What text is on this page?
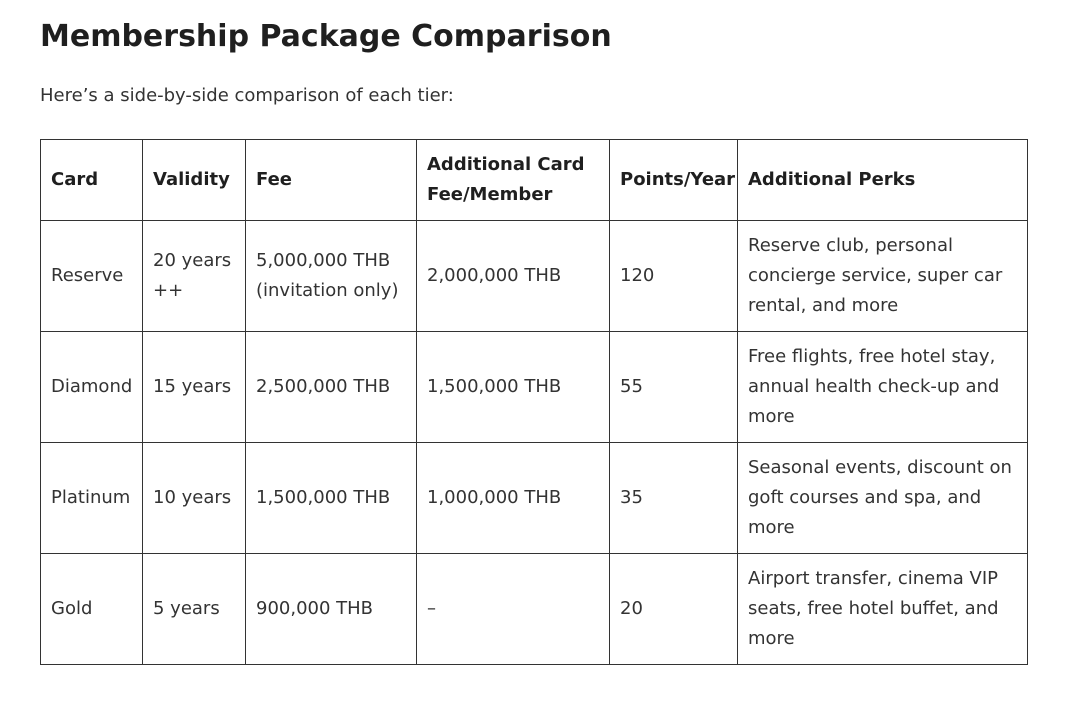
Membership Package Comparison

Here’s a side-by-side comparison of each tier:

Card	Validity	Fee	Additional Card Fee/Member	Points/Year	Additional Perks
Reserve	20 years ++	5,000,000 THB (invitation only)	2,000,000 THB	120	Reserve club, personal concierge service, super car rental, and more
Diamond	15 years	2,500,000 THB	1,500,000 THB	55	Free flights, free hotel stay, annual health check-up and more
Platinum	10 years	1,500,000 THB	1,000,000 THB	35	Seasonal events, discount on goft courses and spa, and more
Gold	5 years	900,000 THB	–	20	Airport transfer, cinema VIP seats, free hotel buffet, and more
